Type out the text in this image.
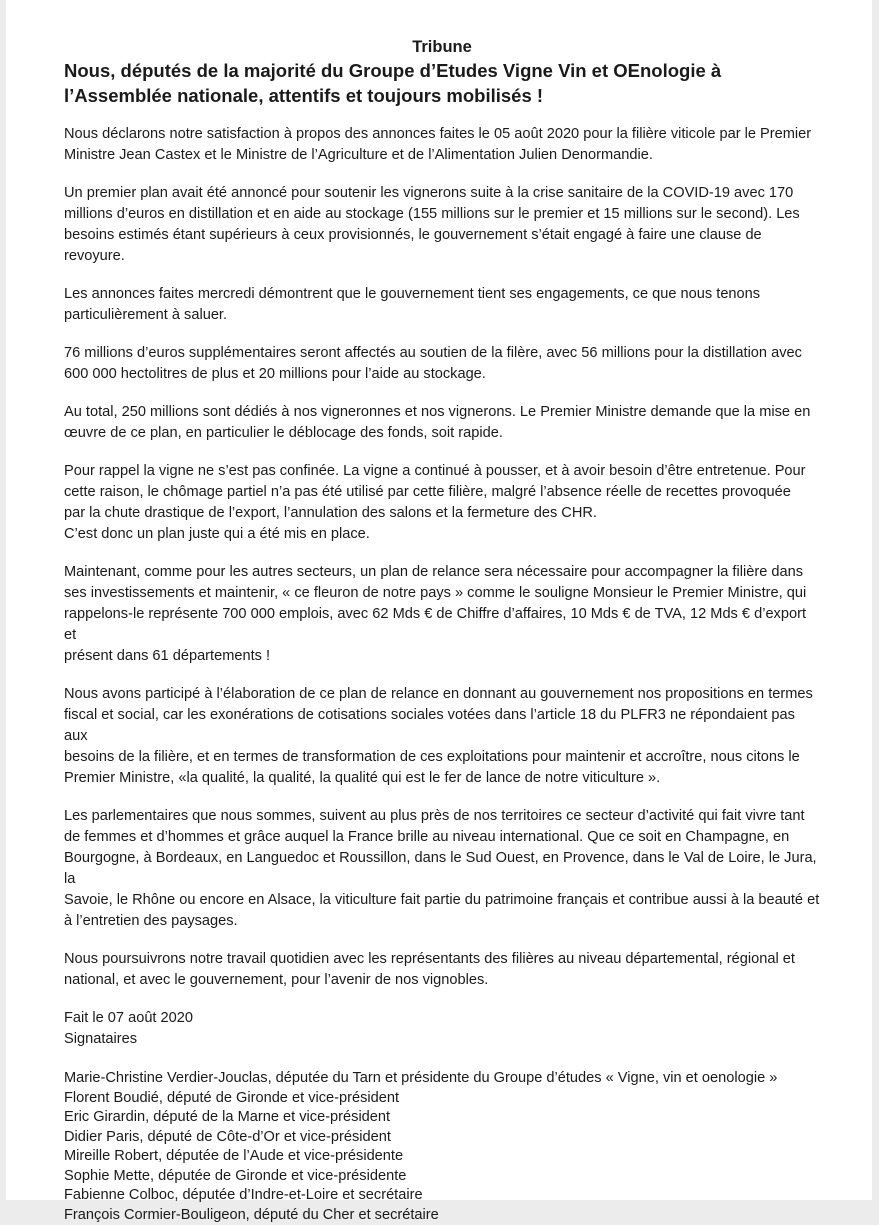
Tribune

Nous, députés de la majorité du Groupe d’Etudes Vigne Vin et OEnologie à
l’Assemblée nationale, attentifs et toujours mobilisés !

Nous déclarons notre satisfaction à propos des annonces faites le 05 août 2020 pour la filière viticole par le Premier
Ministre Jean Castex et le Ministre de l’Agriculture et de l’Alimentation Julien Denormandie.

Un premier plan avait été annoncé pour soutenir les vignerons suite à la crise sanitaire de la COVID-19 avec 170
millions d’euros en distillation et en aide au stockage (155 millions sur le premier et 15 millions sur le second). Les
besoins estimés étant supérieurs à ceux provisionnés, le gouvernement s’était engagé à faire une clause de
revoyure.

Les annonces faites mercredi démontrent que le gouvernement tient ses engagements, ce que nous tenons
particulièrement à saluer.

76 millions d’euros supplémentaires seront affectés au soutien de la filère, avec 56 millions pour la distillation avec
600 000 hectolitres de plus et 20 millions pour l’aide au stockage.

Au total, 250 millions sont dédiés à nos vigneronnes et nos vignerons. Le Premier Ministre demande que la mise en
œuvre de ce plan, en particulier le déblocage des fonds, soit rapide.

Pour rappel la vigne ne s’est pas confinée. La vigne a continué à pousser, et à avoir besoin d’être entretenue. Pour
cette raison, le chômage partiel n’a pas été utilisé par cette filière, malgré l’absence réelle de recettes provoquée
par la chute drastique de l’export, l’annulation des salons et la fermeture des CHR.
C’est donc un plan juste qui a été mis en place.

Maintenant, comme pour les autres secteurs, un plan de relance sera nécessaire pour accompagner la filière dans
ses investissements et maintenir, « ce fleuron de notre pays » comme le souligne Monsieur le Premier Ministre, qui
rappelons-le représente 700 000 emplois, avec 62 Mds € de Chiffre d’affaires, 10 Mds € de TVA, 12 Mds € d’export et
présent dans 61 départements !

Nous avons participé à l’élaboration de ce plan de relance en donnant au gouvernement nos propositions en termes
fiscal et social, car les exonérations de cotisations sociales votées dans l’article 18 du PLFR3 ne répondaient pas aux
besoins de la filière, et en termes de transformation de ces exploitations pour maintenir et accroître, nous citons le
Premier Ministre, «la qualité, la qualité, la qualité qui est le fer de lance de notre viticulture ».

Les parlementaires que nous sommes, suivent au plus près de nos territoires ce secteur d’activité qui fait vivre tant
de femmes et d’hommes et grâce auquel la France brille au niveau international. Que ce soit en Champagne, en
Bourgogne, à Bordeaux, en Languedoc et Roussillon, dans le Sud Ouest, en Provence, dans le Val de Loire, le Jura, la
Savoie, le Rhône ou encore en Alsace, la viticulture fait partie du patrimoine français et contribue aussi à la beauté et
à l’entretien des paysages.

Nous poursuivrons notre travail quotidien avec les représentants des filières au niveau départemental, régional et
national, et avec le gouvernement, pour l’avenir de nos vignobles.

Fait le 07 août 2020

Signataires

Marie-Christine Verdier-Jouclas, députée du Tarn et présidente du Groupe d’études « Vigne, vin et oenologie »
Florent Boudié, député de Gironde et vice-président
Eric Girardin, député de la Marne et vice-président
Didier Paris, député de Côte-d’Or et vice-président
Mireille Robert, députée de l’Aude et vice-présidente
Sophie Mette, députée de Gironde et vice-présidente
Fabienne Colboc, députée d’Indre-et-Loire et secrétaire
François Cormier-Bouligeon, député du Cher et secrétaire
